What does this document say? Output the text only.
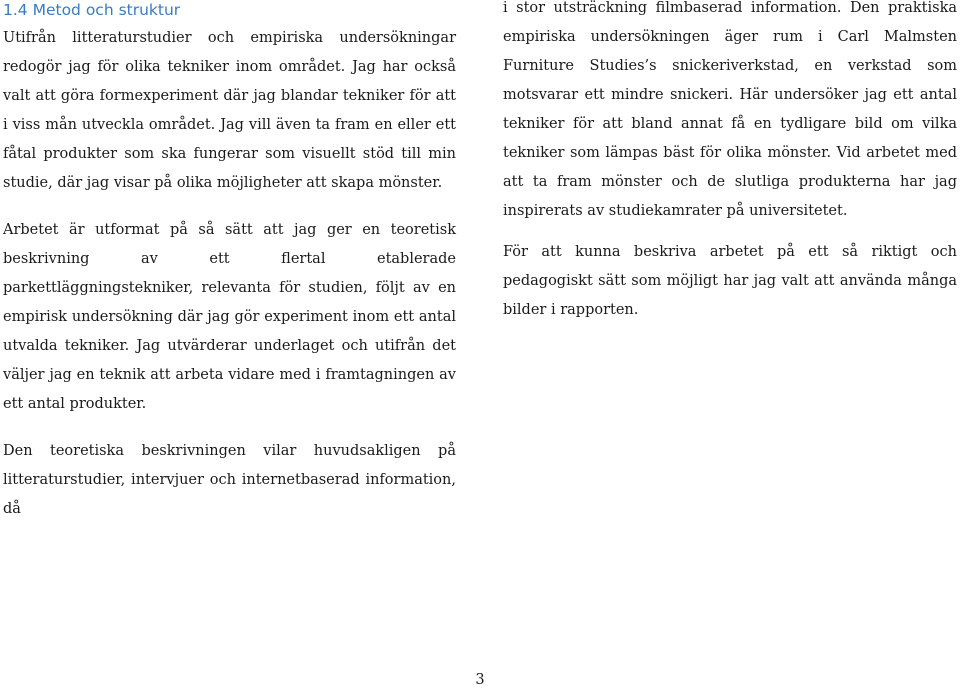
1.4 Metod och struktur

Utifrån litteraturstudier och empiriska undersökningar redogör jag för olika tekniker inom området. Jag har också valt att göra formexperiment där jag blandar tekniker för att i viss mån utveckla området. Jag vill även ta fram en eller ett fåtal produkter som ska fungerar som visuellt stöd till min studie, där jag visar på olika möjligheter att skapa mönster.

Arbetet är utformat på så sätt att jag ger en teoretisk beskrivning av ett flertal etablerade parkettläggningstekniker, relevanta för studien, följt av en empirisk undersökning där jag gör experiment inom ett antal utvalda tekniker. Jag utvärderar underlaget och utifrån det väljer jag en teknik att arbeta vidare med i framtagningen av ett antal produkter.

Den teoretiska beskrivningen vilar huvudsakligen på litteraturstudier, intervjuer och internetbaserad information, då

i stor utsträckning filmbaserad information. Den praktiska empiriska undersökningen äger rum i Carl Malmsten Furniture Studies’s snickeriverkstad, en verkstad som motsvarar ett mindre snickeri. Här undersöker jag ett antal tekniker för att bland annat få en tydligare bild om vilka tekniker som lämpas bäst för olika mönster. Vid arbetet med att ta fram mönster och de slutliga produkterna har jag inspirerats av studiekamrater på universitetet.

För att kunna beskriva arbetet på ett så riktigt och pedagogiskt sätt som möjligt har jag valt att använda många bilder i rapporten.

3
